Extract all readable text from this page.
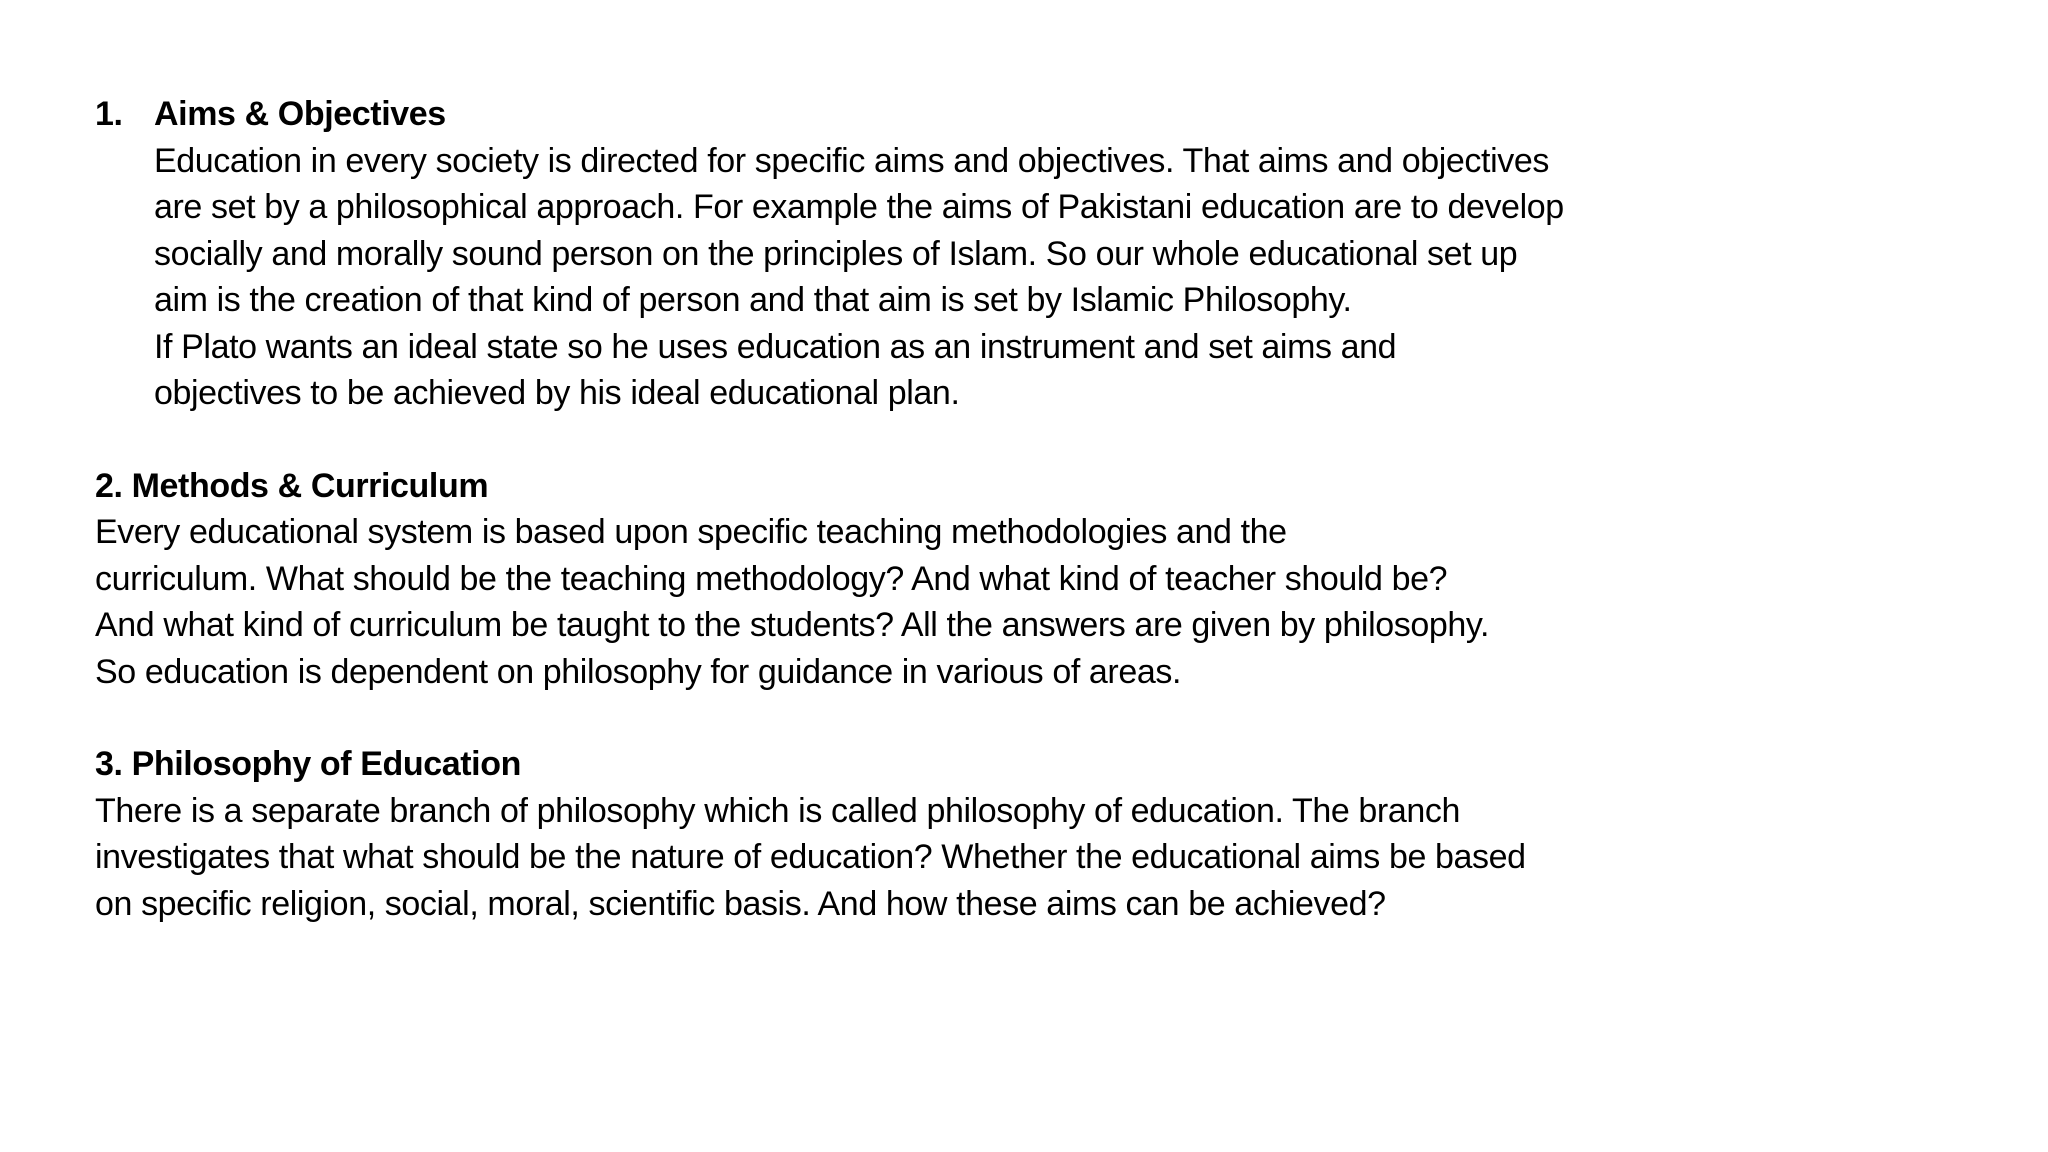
1. Aims & Objectives
Education in every society is directed for specific aims and objectives. That aims and objectives
are set by a philosophical approach. For example the aims of Pakistani education are to develop
socially and morally sound person on the principles of Islam. So our whole educational set up
aim is the creation of that kind of person and that aim is set by Islamic Philosophy.
If Plato wants an ideal state so he uses education as an instrument and set aims and
objectives to be achieved by his ideal educational plan.
2. Methods & Curriculum
Every educational system is based upon specific teaching methodologies and the
curriculum. What should be the teaching methodology? And what kind of teacher should be?
And what kind of curriculum be taught to the students? All the answers are given by philosophy.
So education is dependent on philosophy for guidance in various of areas.
3. Philosophy of Education
There is a separate branch of philosophy which is called philosophy of education. The branch
investigates that what should be the nature of education? Whether the educational aims be based
on specific religion, social, moral, scientific basis. And how these aims can be achieved?
